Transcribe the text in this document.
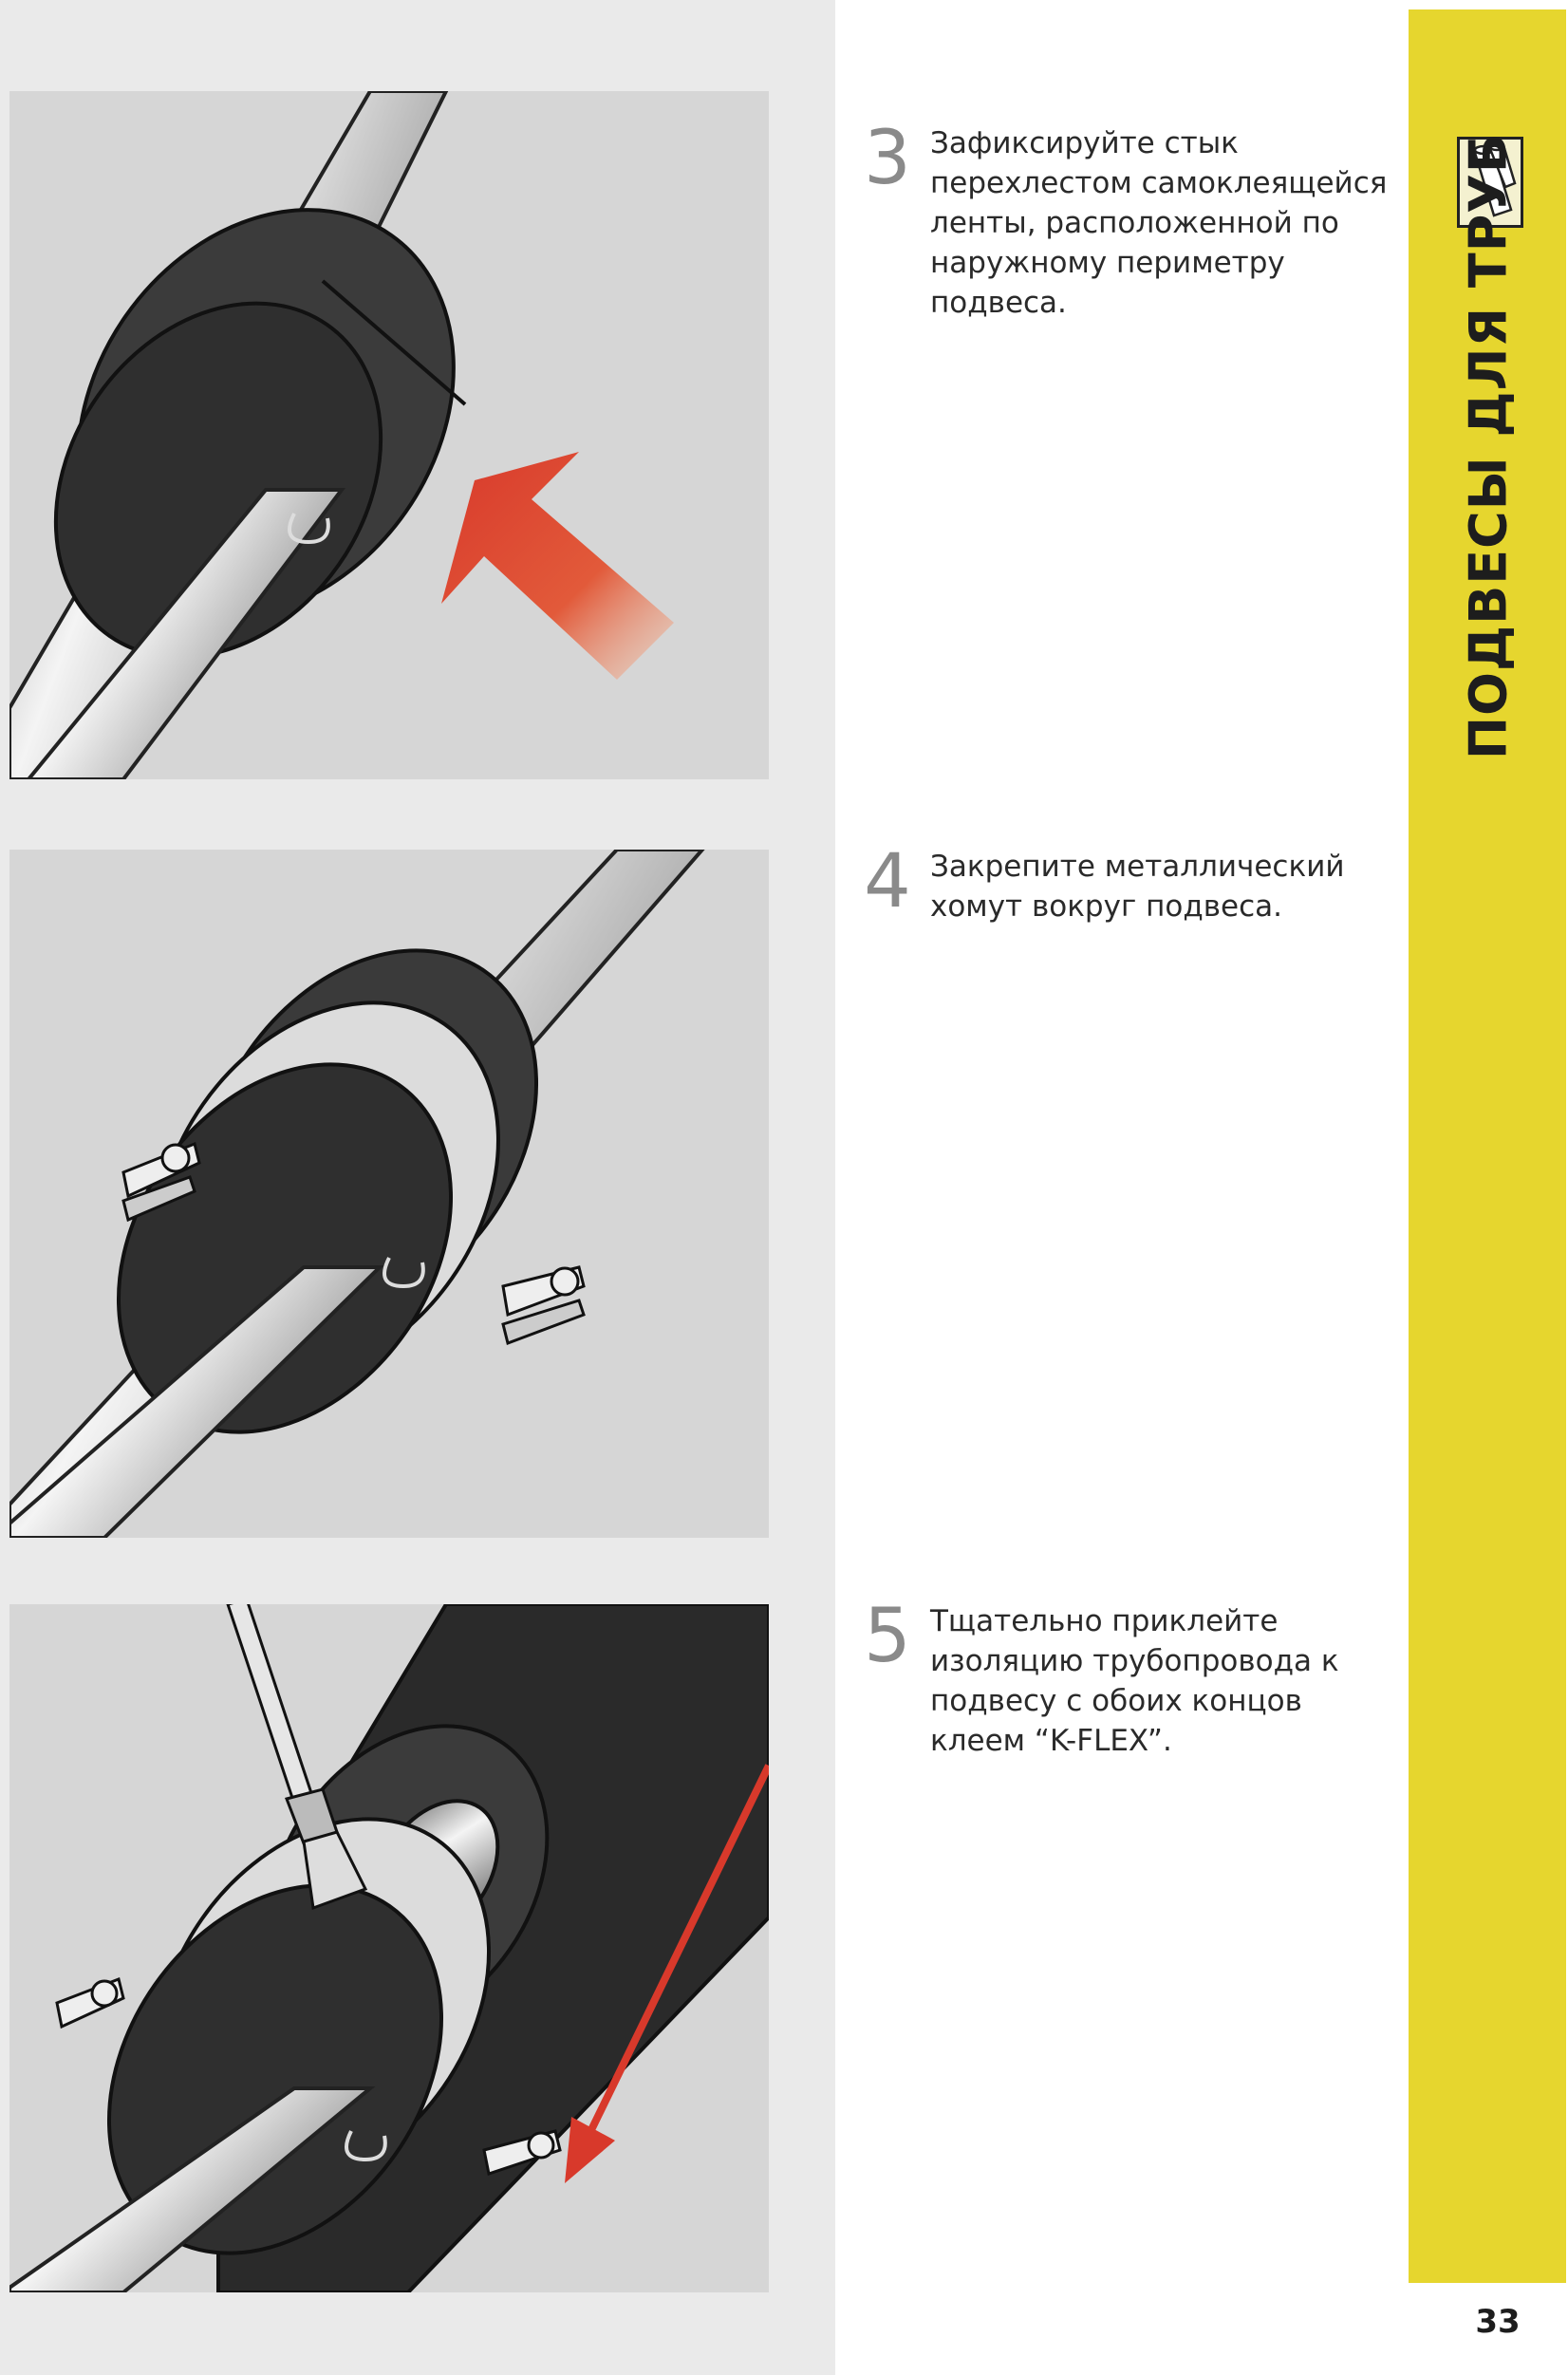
3 Зафиксируйте стык перехлестом самоклеящейся ленты, расположенной по наружному периметру подвеса.

4 Закрепите металлический хомут вокруг подвеса.

5 Тщательно приклейте изоляцию трубопровода к подвесу с обоих концов клеем “K-FLEX”.

ПОДВЕСЫ ДЛЯ ТРУБ
33
